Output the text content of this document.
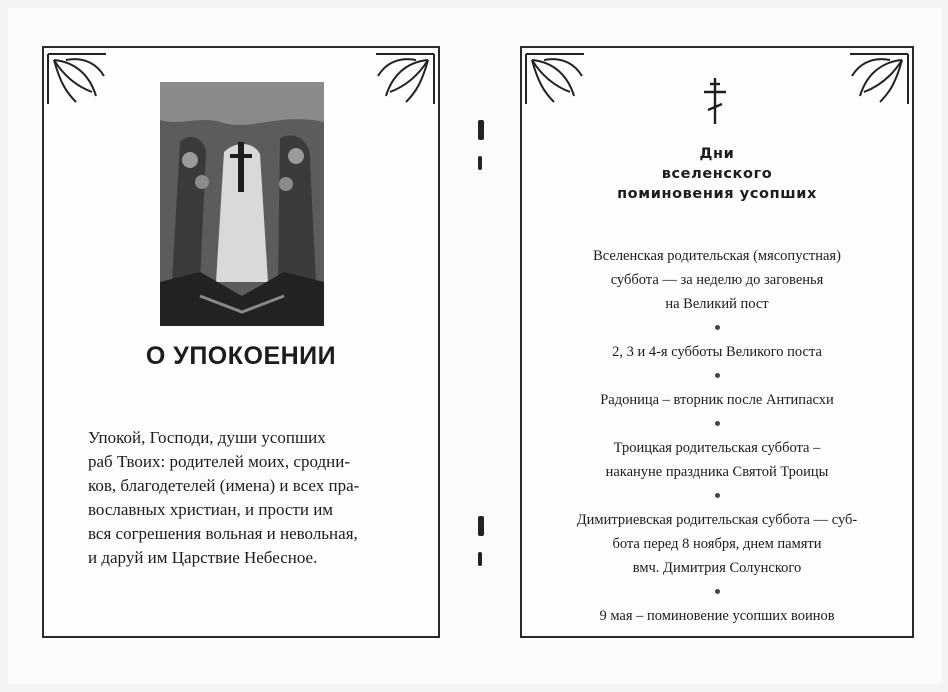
О УПОКОЕНИИ

Упокой, Господи, души усопших

раб Твоих: родителей моих, сродни-

ков, благодетелей (имена) и всех пра-

вославных христиан, и прости им

вся согрешения вольная и невольная,

и даруй им Царствие Небесное.

Дни
вселенского
поминовения усопших
Вселенская родительская (мясопустная)
суббота — за неделю до заговенья
на Великий пост
2, 3 и 4-я субботы Великого поста
Радоница – вторник после Антипасхи
Троицкая родительская суббота –
накануне праздника Святой Троицы
Димитриевская родительская суббота — суб-
бота перед 8 ноября, днем памяти
вмч. Димитрия Солунского
9 мая – поминовение усопших воинов
